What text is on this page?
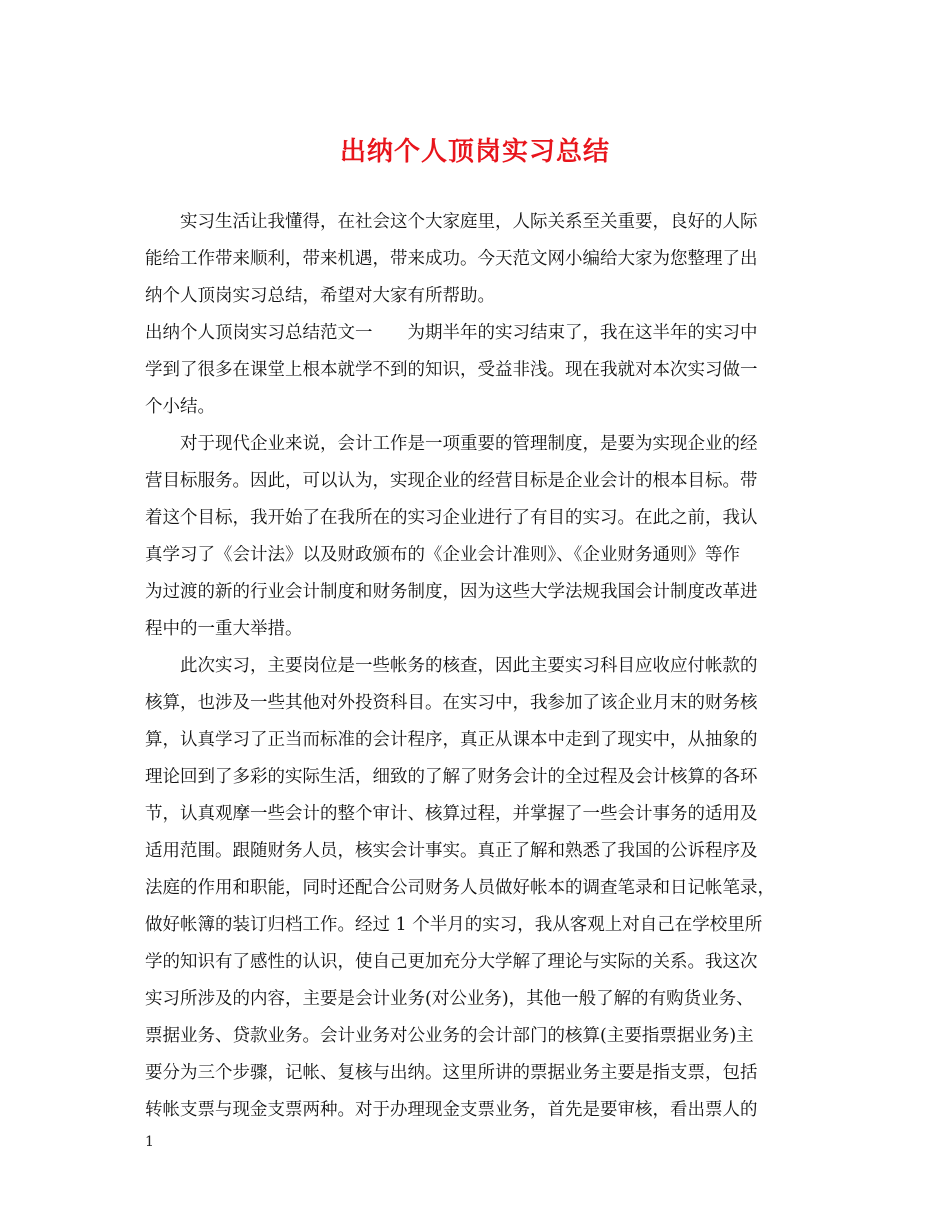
出纳个人顶岗实习总结

　　实习生活让我懂得，在社会这个大家庭里，人际关系至关重要，良好的人际

能给工作带来顺利，带来机遇，带来成功。今天范文网小编给大家为您整理了出

纳个人顶岗实习总结，希望对大家有所帮助。

出纳个人顶岗实习总结范文一　　为期半年的实习结束了，我在这半年的实习中

学到了很多在课堂上根本就学不到的知识，受益非浅。现在我就对本次实习做一

个小结。

　　对于现代企业来说，会计工作是一项重要的管理制度，是要为实现企业的经

营目标服务。因此，可以认为，实现企业的经营目标是企业会计的根本目标。带

着这个目标，我开始了在我所在的实习企业进行了有目的实习。在此之前，我认

真学习了《会计法》以及财政颁布的《企业会计准则》、《企业财务通则》等作

为过渡的新的行业会计制度和财务制度，因为这些大学法规我国会计制度改革进

程中的一重大举措。

　　此次实习，主要岗位是一些帐务的核查，因此主要实习科目应收应付帐款的

核算，也涉及一些其他对外投资科目。在实习中，我参加了该企业月末的财务核

算，认真学习了正当而标准的会计程序，真正从课本中走到了现实中，从抽象的

理论回到了多彩的实际生活，细致的了解了财务会计的全过程及会计核算的各环

节，认真观摩一些会计的整个审计、核算过程，并掌握了一些会计事务的适用及

适用范围。跟随财务人员，核实会计事实。真正了解和熟悉了我国的公诉程序及

法庭的作用和职能，同时还配合公司财务人员做好帐本的调查笔录和日记帐笔录，

做好帐簿的装订归档工作。经过 1 个半月的实习，我从客观上对自己在学校里所

学的知识有了感性的认识，使自己更加充分大学解了理论与实际的关系。我这次

实习所涉及的内容，主要是会计业务(对公业务)，其他一般了解的有购货业务、

票据业务、贷款业务。会计业务对公业务的会计部门的核算(主要指票据业务)主

要分为三个步骤，记帐、复核与出纳。这里所讲的票据业务主要是指支票，包括

转帐支票与现金支票两种。对于办理现金支票业务，首先是要审核，看出票人的

1
